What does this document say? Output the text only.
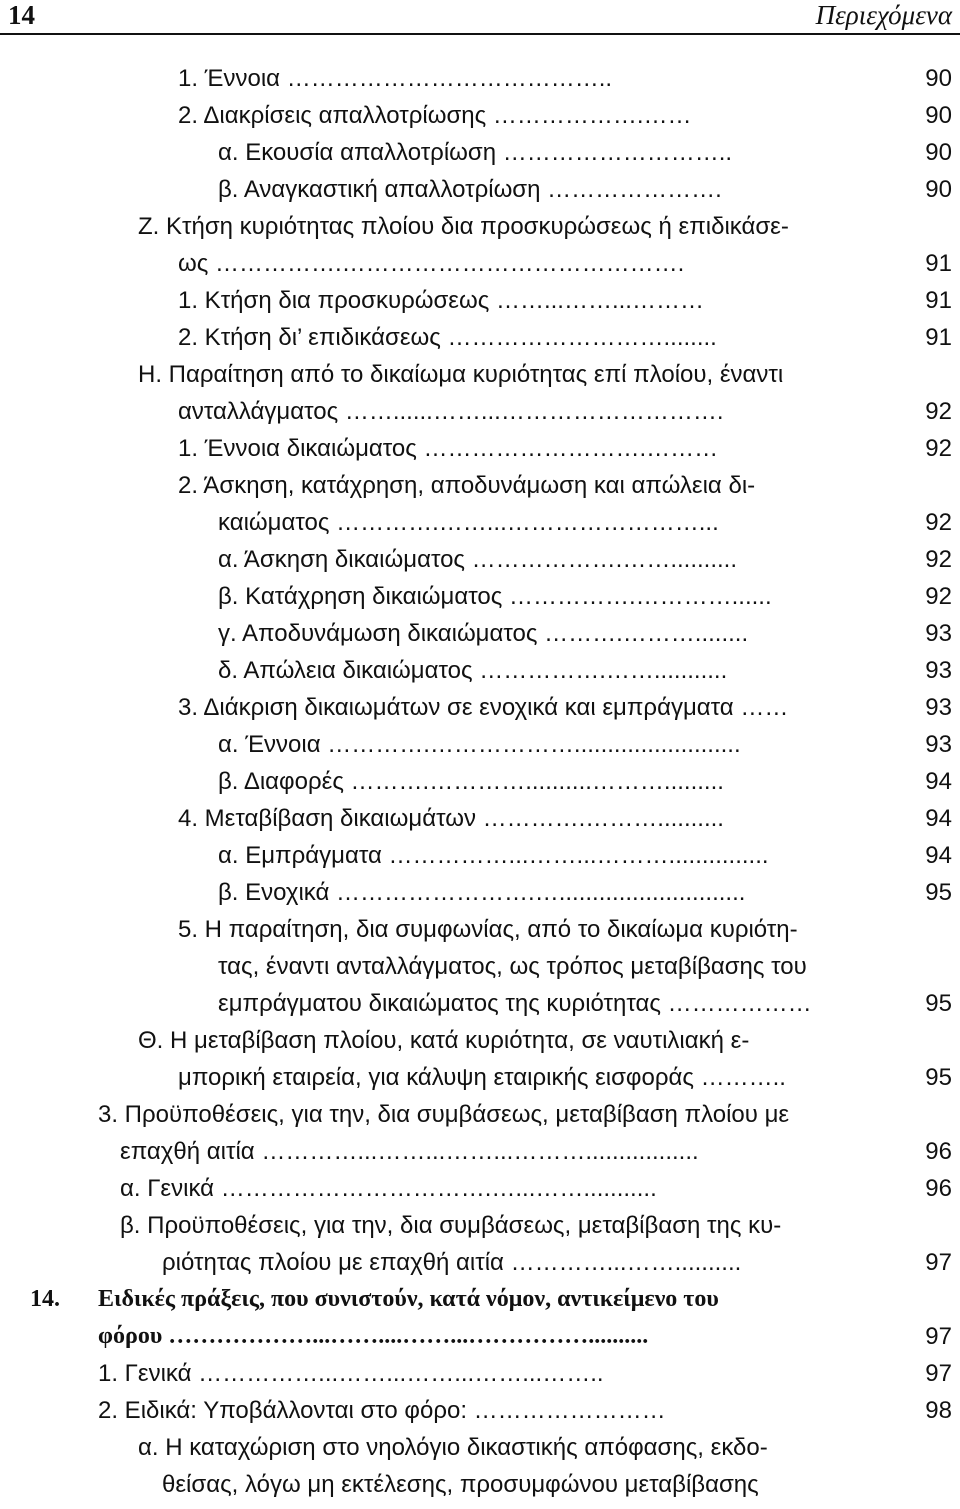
14	Περιεχόμενα
1. Έννοια …………………………………..	90
2. Διακρίσεις απαλλοτρίωσης ……………….……	90
α. Εκουσία απαλλοτρίωση ………………………..	90
β. Αναγκαστική απαλλοτρίωση ………………….	90
Ζ. Κτήση κυριότητας πλοίου δια προσκυρώσεως ή επιδικάσε-
ως …………….…………………………………….	91
1. Κτήση δια προσκυρώσεως ……...……...………	91
2. Κτήση δι’ επιδικάσεως ………………………........	91
Η. Παραίτηση από το δικαίωμα κυριότητας επί πλοίου, έναντι
ανταλλάγματος ……......……...……………………….	92
1. Έννοια δικαιώματος ……………………….………	92
2. Άσκηση, κατάχρηση, αποδυνάμωση και απώλεια δι-
καιώματος ………….……...……………………...	92
α. Άσκηση δικαιώματος ……………….……..........	92
β. Κατάχρηση δικαιώματος …………….…………......	92
γ. Αποδυνάμωση δικαιώματος ……….………........	93
δ. Απώλεια δικαιώματος …………….……...........	93
3. Διάκριση δικαιωμάτων σε ενοχικά και εμπράγματα ……	93
α. Έννοια ………….……………….........................	93
β. Διαφορές ……….…………..........……….........	94
4. Μεταβίβαση δικαιωμάτων ………….………..........	94
α. Εμπράγματα ……………...……...………...............	94
β. Ενοχικά …………………….…............................	95
5. Η παραίτηση, δια συμφωνίας, από το δικαίωμα κυριότη-
τας, έναντι ανταλλάγματος, ως τρόπος μεταβίβασης του
εμπράγματου δικαιώματος της κυριότητας ………………	95
Θ. Η μεταβίβαση πλοίου, κατά κυριότητα, σε ναυτιλιακή ε-
μπορική εταιρεία, για κάλυψη εταιρικής εισφοράς ………..	95
3. Προϋποθέσεις, για την, δια συμβάσεως, μεταβίβαση πλοίου με
επαχθή αιτία …………...……...……...……….................	96
α. Γενικά …………………………….…...……...........	96
β. Προϋποθέσεις, για την, δια συμβάσεως, μεταβίβαση της κυ-
ριότητας πλοίου με επαχθή αιτία …………...……..........	97
14. Ειδικές πράξεις, που συνιστούν, κατά νόμον, αντικείμενο του
φόρου ………………...……....……...……………..........	97
1. Γενικά ……………...……...……...……...……..	97
2. Ειδικά: Υποβάλλονται στο φόρο: ……………………	98
α. Η καταχώριση στο νηολόγιο δικαστικής απόφασης, εκδο-
θείσας, λόγω μη εκτέλεσης, προσυμφώνου μεταβίβασης
